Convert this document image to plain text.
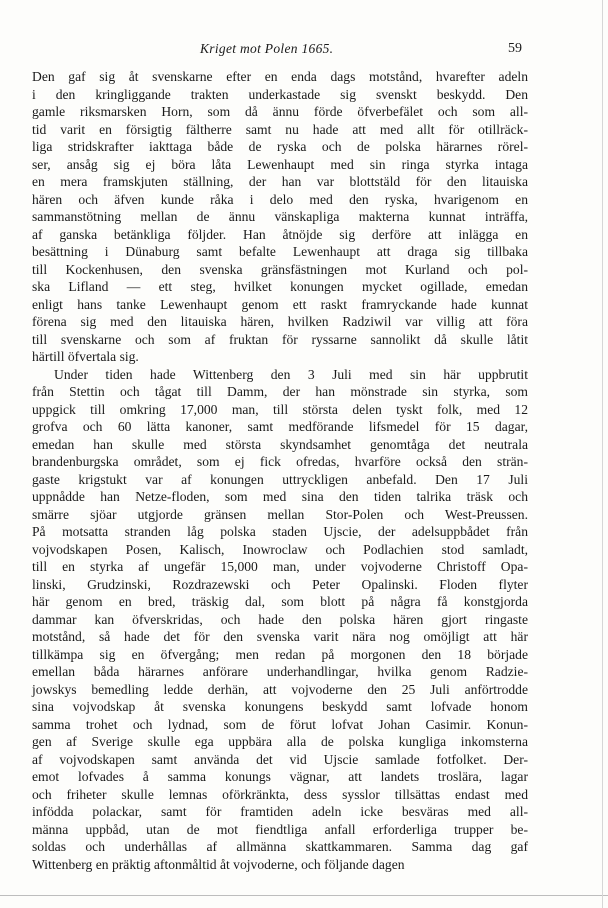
Kriget mot Polen 1665.	59
Den gaf sig åt svenskarne efter en enda dags motstånd, hvarefter adeln
i den kringliggande trakten underkastade sig svenskt beskydd. Den
gamle riksmarsken Horn, som då ännu förde öfverbefälet och som all-
tid varit en försigtig fältherre samt nu hade att med allt för otillräck-
liga stridskrafter iakttaga både de ryska och de polska härarnes rörel-
ser, ansåg sig ej böra låta Lewenhaupt med sin ringa styrka intaga
en mera framskjuten ställning, der han var blottstäld för den litauiska
hären och äfven kunde råka i delo med den ryska, hvarigenom en
sammanstötning mellan de ännu vänskapliga makterna kunnat inträffa,
af ganska betänkliga följder. Han åtnöjde sig derföre att inlägga en
besättning i Dünaburg samt befalte Lewenhaupt att draga sig tillbaka
till Kockenhusen, den svenska gränsfästningen mot Kurland och pol-
ska Lifland — ett steg, hvilket konungen mycket ogillade, emedan
enligt hans tanke Lewenhaupt genom ett raskt framryckande hade kunnat
förena sig med den litauiska hären, hvilken Radziwil var villig att föra
till svenskarne och som af fruktan för ryssarne sannolikt då skulle låtit
härtill öfvertala sig.
Under tiden hade Wittenberg den 3 Juli med sin här uppbrutit
från Stettin och tågat till Damm, der han mönstrade sin styrka, som
uppgick till omkring 17,000 man, till största delen tyskt folk, med 12
grofva och 60 lätta kanoner, samt medförande lifsmedel för 15 dagar,
emedan han skulle med största skyndsamhet genomtåga det neutrala
brandenburgska området, som ej fick ofredas, hvarföre också den strän-
gaste krigstukt var af konungen uttryckligen anbefald. Den 17 Juli
uppnådde han Netze-floden, som med sina den tiden talrika träsk och
smärre sjöar utgjorde gränsen mellan Stor-Polen och West-Preussen.
På motsatta stranden låg polska staden Ujscie, der adelsuppbådet från
vojvodskapen Posen, Kalisch, Inowroclaw och Podlachien stod samladt,
till en styrka af ungefär 15,000 man, under vojvoderne Christoff Opa-
linski, Grudzinski, Rozdrazewski och Peter Opalinski. Floden flyter
här genom en bred, träskig dal, som blott på några få konstgjorda
dammar kan öfverskridas, och hade den polska hären gjort ringaste
motstånd, så hade det för den svenska varit nära nog omöjligt att här
tillkämpa sig en öfvergång; men redan på morgonen den 18 började
emellan båda härarnes anförare underhandlingar, hvilka genom Radzie-
jowskys bemedling ledde derhän, att vojvoderne den 25 Juli anförtrodde
sina vojvodskap åt svenska konungens beskydd samt lofvade honom
samma trohet och lydnad, som de förut lofvat Johan Casimir. Konun-
gen af Sverige skulle ega uppbära alla de polska kungliga inkomsterna
af vojvodskapen samt använda det vid Ujscie samlade fotfolket. Der-
emot lofvades å samma konungs vägnar, att landets troslära, lagar
och friheter skulle lemnas oförkränkta, dess sysslor tillsättas endast med
infödda polackar, samt för framtiden adeln icke besväras med all-
männa uppbåd, utan de mot fiendtliga anfall erforderliga trupper be-
soldas och underhållas af allmänna skattkammaren. Samma dag gaf
Wittenberg en präktig aftonmåltid åt vojvoderne, och följande dagen
